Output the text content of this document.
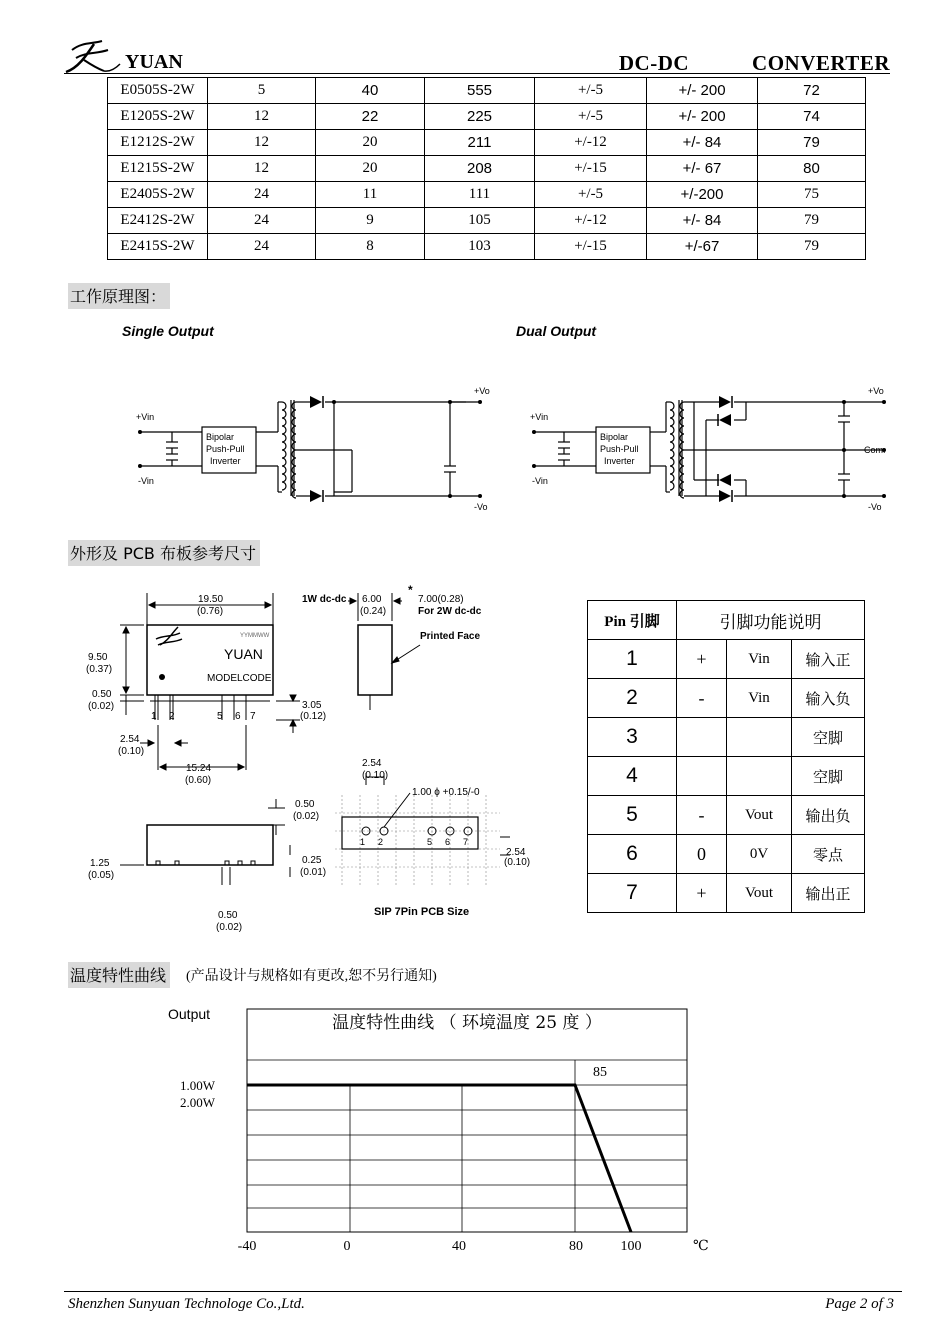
YUAN	DC-DC    CONVERTER
E0505S-2W	5	40	555	+/-5	+/- 200	72
E1205S-2W	12	22	225	+/-5	+/- 200	74
E1212S-2W	12	20	211	+/-12	+/- 84	79
E1215S-2W	12	20	208	+/-15	+/- 67	80
E2405S-2W	24	11	111	+/-5	+/-200	75
E2412S-2W	24	9	105	+/-12	+/- 84	79
E2415S-2W	24	8	103	+/-15	+/-67	79
工作原理图：
Single Output	Dual Output
Bipolar
Push-Pull
Inverter
+Vin
-Vin
+Vo
-Vo
Bipolar
Push-Pull
Inverter
+Vin
-Vin
+Vo
Com.
-Vo
外形及 PCB 布板参考尺寸
YYMMWW
YUAN
MODELCODE
1 2	5 6 7
19.50
(0.76)
9.50
(0.37)
0.50
(0.02)	3.05
(0.12)
2.54
(0.10)
15.24
(0.60)
1W dc-dc 6.00
(0.24)
*
7.00(0.28)
For 2W dc-dc
Printed Face
0.50
(0.02)
1.25
(0.05)
0.25
(0.01)
0.50
(0.02)
2.54
(0.10)
1.00 ϕ +0.15/-0
2.54
(0.10)
1 2	5 6 7
SIP 7Pin PCB Size
Pin 引脚	引脚功能说明		
1	+	Vin	输入正
2	-	Vin	输入负
3			空脚
4			空脚
5	-	Vout	输出负
6	0	0V	零点
7	+	Vout	输出正
温度特性曲线 (产品设计与规格如有更改,恕不另行通知)
Output
1.00W
2.00W
温度特性曲线 （ 环境温度 25 度 ）
85
-40	0	40	80	100	℃
Shenzhen Sunyuan Technologe Co.,Ltd.	Page 2 of 3
